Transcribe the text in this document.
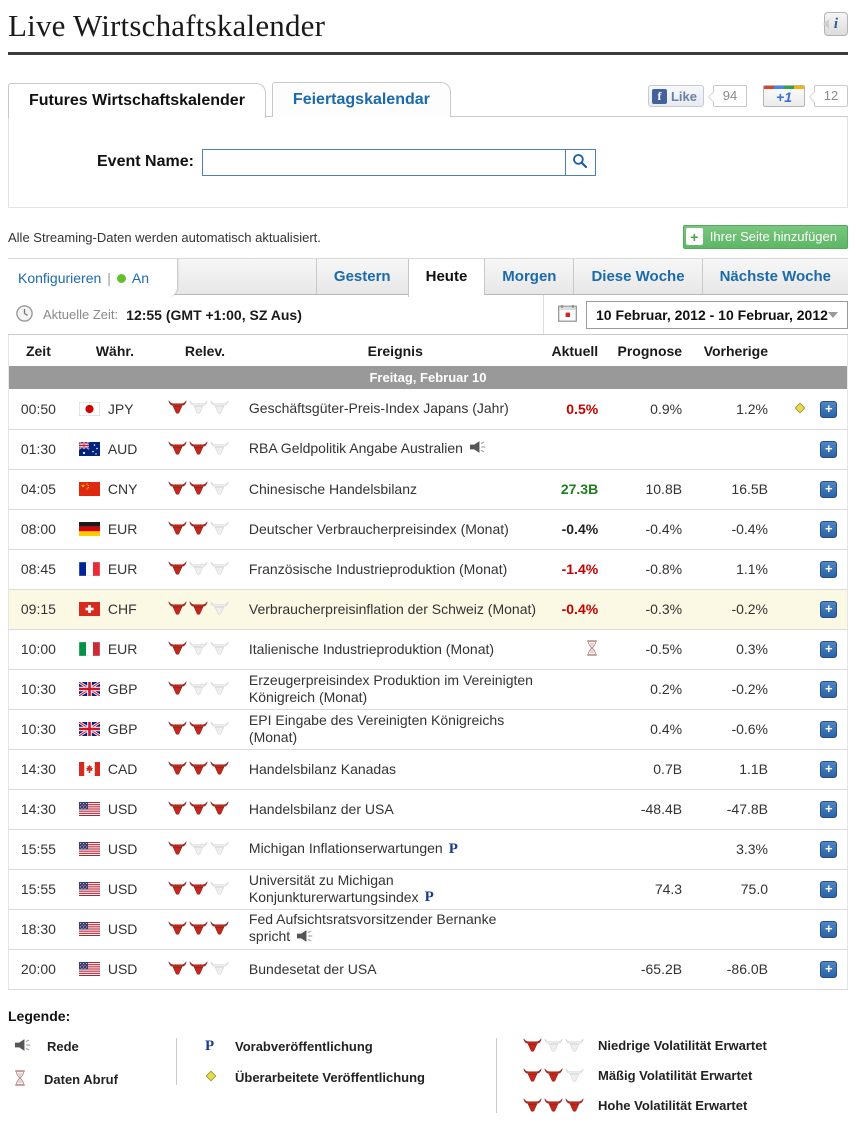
Live Wirtschaftskalender	i
Futures Wirtschaftskalender	Feiertagskalendar	f Like	94	+1	12
Event Name:
Alle Streaming-Daten werden automatisch aktualisiert.	+ Ihrer Seite hinzufügen
Konfigurieren | An	Gestern	Heute	Morgen	Diese Woche	Nächste Woche
Aktuelle Zeit: 12:55 (GMT +1:00, SZ Aus)	10 Februar, 2012 - 10 Februar, 2012
Zeit	Währ.	Relev.	Ereignis	Aktuell	Prognose	Vorherige		
Freitag, Februar 10								
00:50	JPY		Geschäftsgüter-Preis-Index Japans (Jahr)	0.5%	0.9%	1.2%		+
01:30	AUD		RBA Geldpolitik Angabe Australien					+
04:05	CNY		Chinesische Handelsbilanz	27.3B	10.8B	16.5B		+
08:00	EUR		Deutscher Verbraucherpreisindex (Monat)	-0.4%	-0.4%	-0.4%		+
08:45	EUR		Französische Industrieproduktion (Monat)	-1.4%	-0.8%	1.1%		+
09:15	CHF		Verbraucherpreisinflation der Schweiz (Monat)	-0.4%	-0.3%	-0.2%		+
10:00	EUR		Italienische Industrieproduktion (Monat)		-0.5%	0.3%		+
10:30	GBP		Erzeugerpreisindex Produktion im Vereinigten Königreich (Monat)		0.2%	-0.2%		+
10:30	GBP		EPI Eingabe des Vereinigten Königreichs (Monat)		0.4%	-0.6%		+
14:30	CAD		Handelsbilanz Kanadas		0.7B	1.1B		+
14:30	USD		Handelsbilanz der USA		-48.4B	-47.8B		+
15:55	USD		Michigan Inflationserwartungen P			3.3%		+
15:55	USD		Universität zu Michigan Konjunkturerwartungsindex P		74.3	75.0		+
18:30	USD		Fed Aufsichtsratsvorsitzender Bernanke spricht					+
20:00	USD		Bundesetat der USA		-65.2B	-86.0B		+
Legende:
Rede
Daten Abruf
P Vorabveröffentlichung
Überarbeitete Veröffentlichung
Niedrige Volatilität Erwartet
Mäßig Volatilität Erwartet
Hohe Volatilität Erwartet
